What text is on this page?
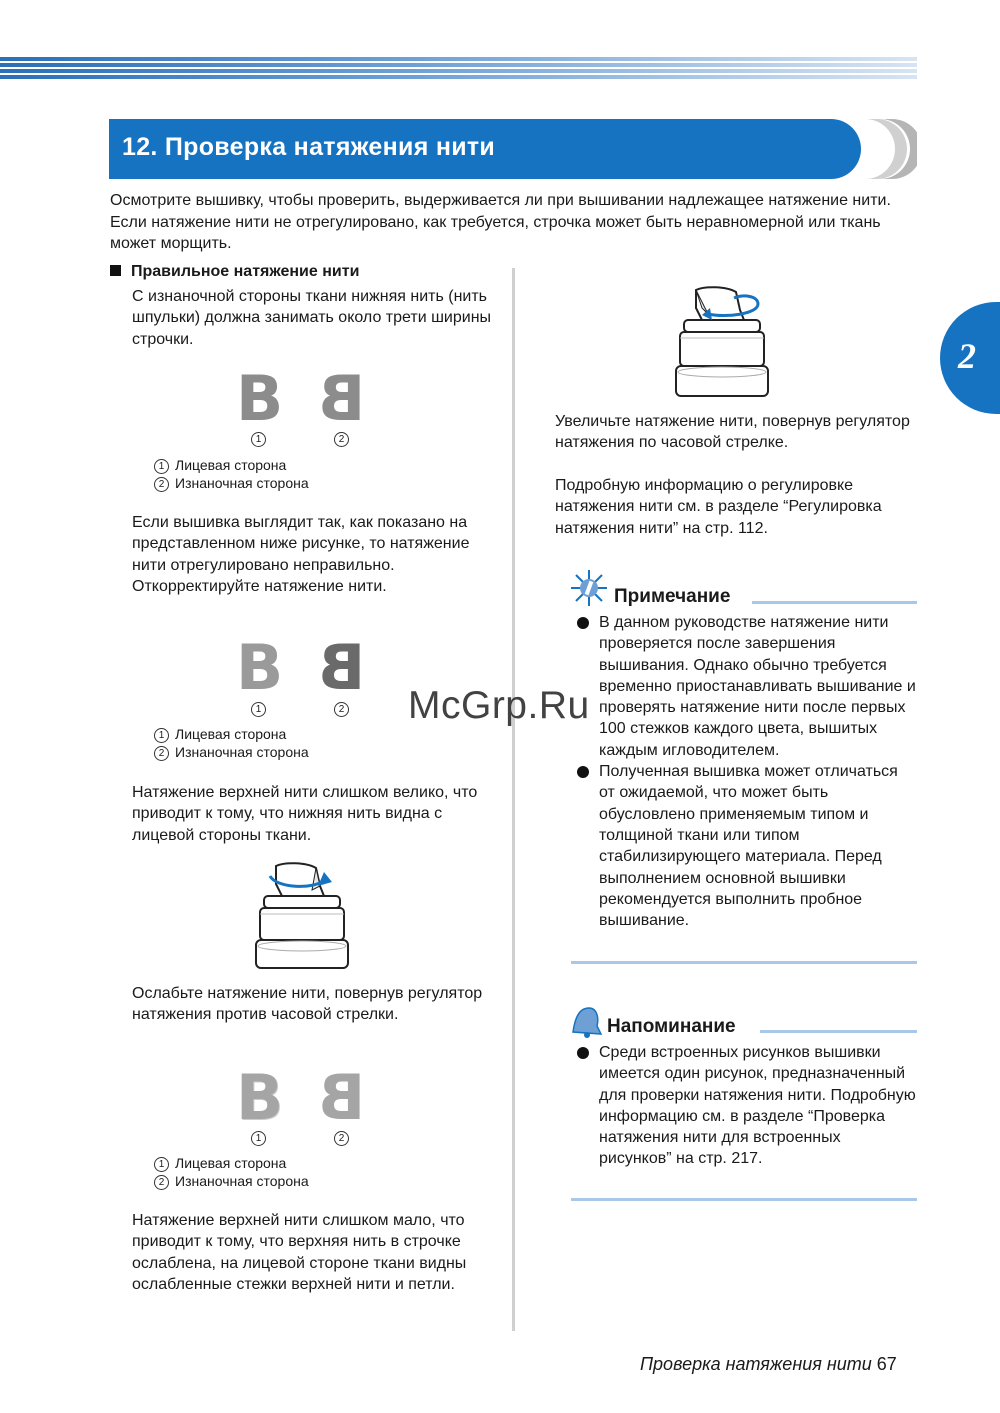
12. Проверка натяжения нити
2
Осмотрите вышивку, чтобы проверить, выдерживается ли при вышивании надлежащее натяжение нити. Если натяжение нити не отрегулировано, как требуется, строчка может быть неравномерной или ткань может морщить.
Правильное натяжение нити
С изнаночной стороны ткани нижняя нить (нить шпульки) должна занимать около трети ширины строчки.
B B
1	2
1 Лицевая сторона
2 Изнаночная сторона
Если вышивка выглядит так, как показано на представленном ниже рисунке, то натяжение нити отрегулировано неправильно. Откорректируйте натяжение нити.
B B
1	2
1 Лицевая сторона
2 Изнаночная сторона
Натяжение верхней нити слишком велико, что приводит к тому, что нижняя нить видна с лицевой стороны ткани.
Ослабьте натяжение нити, повернув регулятор натяжения против часовой стрелки.
B B
1	2
1 Лицевая сторона
2 Изнаночная сторона
Натяжение верхней нити слишком мало, что приводит к тому, что верхняя нить в строчке ослаблена, на лицевой стороне ткани видны ослабленные стежки верхней нити и петли.
Увеличьте натяжение нити, повернув регулятор натяжения по часовой стрелке.
Подробную информацию о регулировке натяжения нити см. в разделе “Регулировка натяжения нити” на стр. 112.
Примечание
В данном руководстве натяжение нити проверяется после завершения вышивания. Однако обычно требуется временно приостанавливать вышивание и проверять натяжение нити после первых 100 стежков каждого цвета, вышитых каждым игловодителем.
Полученная вышивка может отличаться от ожидаемой, что может быть обусловлено применяемым типом и толщиной ткани или типом стабилизирующего материала. Перед выполнением основной вышивки рекомендуется выполнить пробное вышивание.
Напоминание
Среди встроенных рисунков вышивки имеется один рисунок, предназначенный для проверки натяжения нити. Подробную информацию см. в разделе “Проверка натяжения нити для встроенных рисунков” на стр. 217.
McGrp.Ru
Проверка натяжения нити 67
